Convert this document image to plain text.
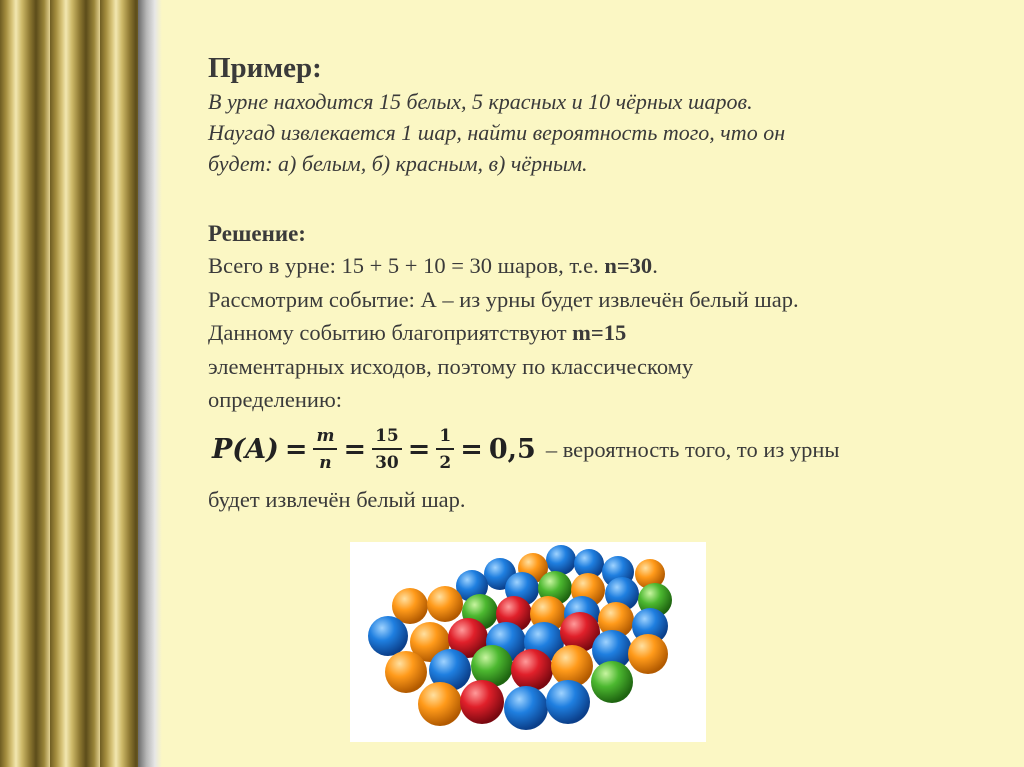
Пример:
В урне находится 15 белых, 5 красных и 10 чёрных шаров.
Наугад извлекается 1 шар, найти вероятность того, что он
будет: а) белым, б) красным, в) чёрным.
Решение:
Всего в урне: 15 + 5 + 10 = 30 шаров, т.е. n=30.
Рассмотрим событие: А – из урны будет извлечён белый шар.
Данному событию благоприятствуют m=15
элементарных исходов, поэтому по классическому
определению:
$P(A) = \frac{m}{n} = \frac{15}{30} = \frac{1}{2} = 0,5$ – вероятность того, то из урны
будет извлечён белый шар.
